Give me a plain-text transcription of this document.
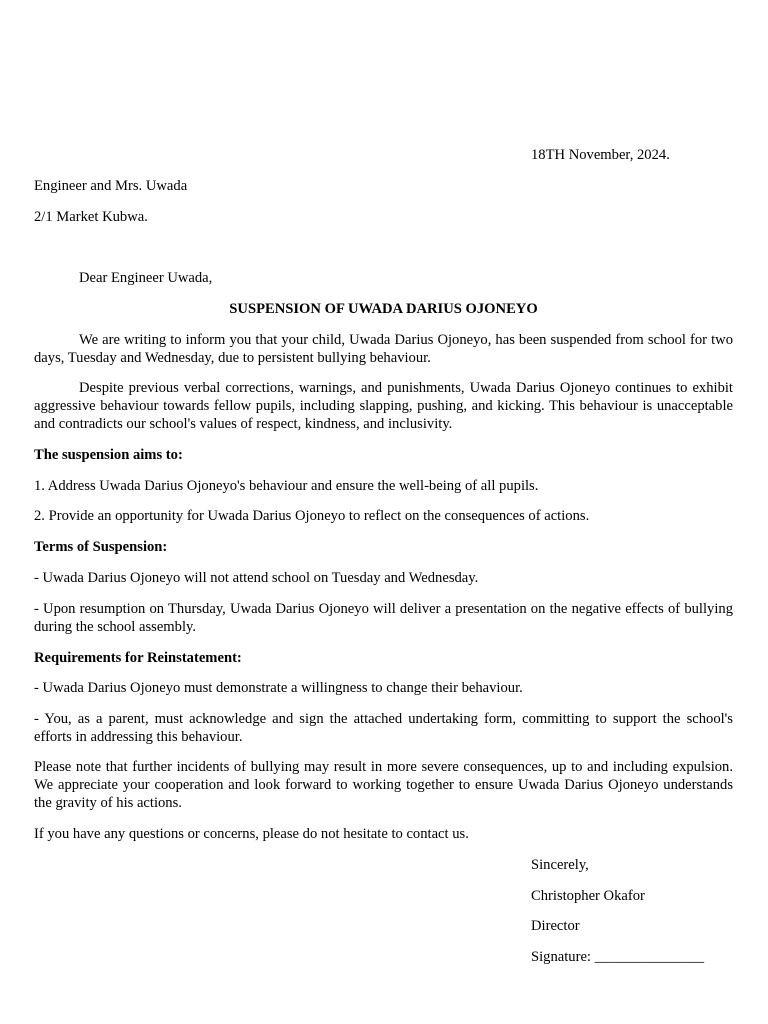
18TH November, 2024.

Engineer and Mrs. Uwada

2/1 Market Kubwa.

Dear Engineer Uwada,

SUSPENSION OF UWADA DARIUS OJONEYO

We are writing to inform you that your child, Uwada Darius Ojoneyo, has been suspended from school for two days, Tuesday and Wednesday, due to persistent bullying behaviour.

Despite previous verbal corrections, warnings, and punishments, Uwada Darius Ojoneyo continues to exhibit aggressive behaviour towards fellow pupils, including slapping, pushing, and kicking. This behaviour is unacceptable and contradicts our school's values of respect, kindness, and inclusivity.

The suspension aims to:

1. Address Uwada Darius Ojoneyo's behaviour and ensure the well-being of all pupils.

2. Provide an opportunity for Uwada Darius Ojoneyo to reflect on the consequences of actions.

Terms of Suspension:

- Uwada Darius Ojoneyo will not attend school on Tuesday and Wednesday.

- Upon resumption on Thursday, Uwada Darius Ojoneyo will deliver a presentation on the negative effects of bullying during the school assembly.

Requirements for Reinstatement:

- Uwada Darius Ojoneyo must demonstrate a willingness to change their behaviour.

- You, as a parent, must acknowledge and sign the attached undertaking form, committing to support the school's efforts in addressing this behaviour.

Please note that further incidents of bullying may result in more severe consequences, up to and including expulsion. We appreciate your cooperation and look forward to working together to ensure Uwada Darius Ojoneyo understands the gravity of his actions.

If you have any questions or concerns, please do not hesitate to contact us.

Sincerely,

Christopher Okafor

Director

Signature: _______________
